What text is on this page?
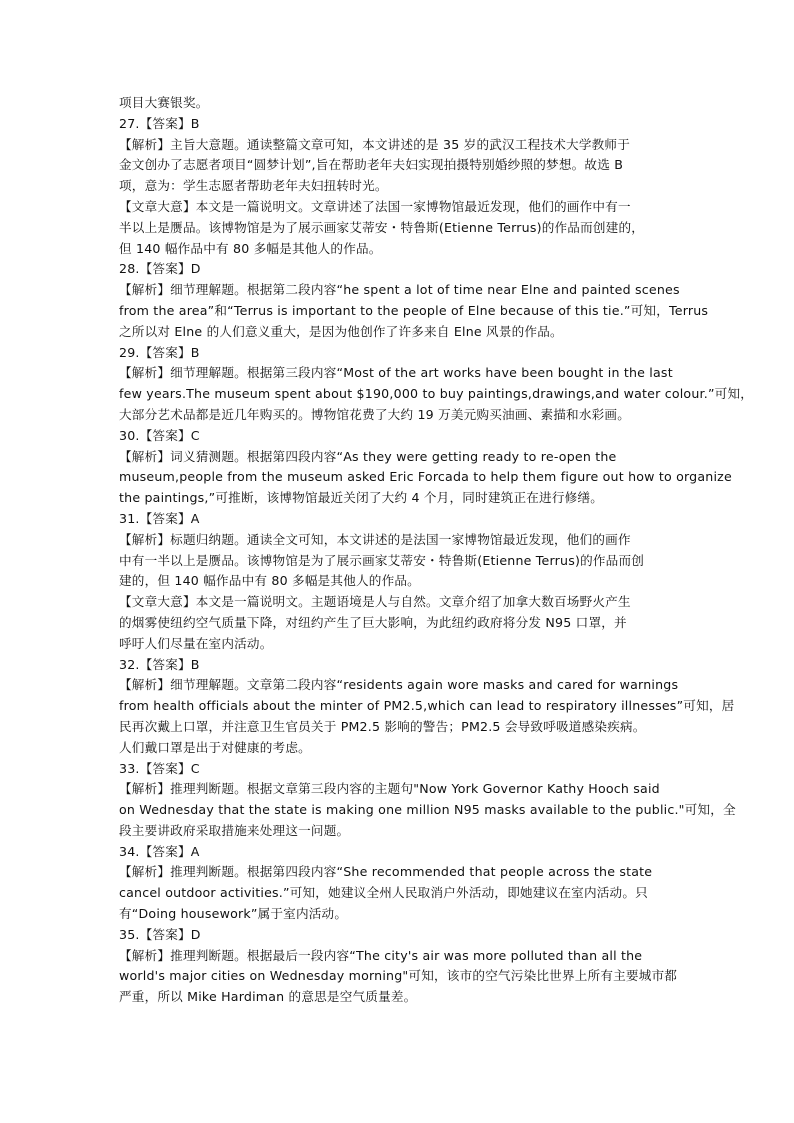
项目大赛银奖。
27.【答案】B
【解析】主旨大意题。通读整篇文章可知，本文讲述的是 35 岁的武汉工程技术大学教师于
金文创办了志愿者项目“圆梦计划”,旨在帮助老年夫妇实现拍摄特别婚纱照的梦想。故选 B
项，意为：学生志愿者帮助老年夫妇扭转时光。
【文章大意】本文是一篇说明文。文章讲述了法国一家博物馆最近发现，他们的画作中有一
半以上是赝品。该博物馆是为了展示画家艾蒂安・特鲁斯(Etienne Terrus)的作品而创建的，
但 140 幅作品中有 80 多幅是其他人的作品。
28.【答案】D
【解析】细节理解题。根据第二段内容“he spent a lot of time near Elne and painted scenes
from the area”和“Terrus is important to the people of Elne because of this tie.”可知，Terrus
之所以对 Elne 的人们意义重大，是因为他创作了许多来自 Elne 风景的作品。
29.【答案】B
【解析】细节理解题。根据第三段内容“Most of the art works have been bought in the last
few years.The museum spent about $190,000 to buy paintings,drawings,and water colour.”可知，
大部分艺术品都是近几年购买的。博物馆花费了大约 19 万美元购买油画、素描和水彩画。
30.【答案】C
【解析】词义猜测题。根据第四段内容“As they were getting ready to re-open the
museum,people from the museum asked Eric Forcada to help them figure out how to organize
the paintings,”可推断，该博物馆最近关闭了大约 4 个月，同时建筑正在进行修缮。
31.【答案】A
【解析】标题归纳题。通读全文可知，本文讲述的是法国一家博物馆最近发现，他们的画作
中有一半以上是赝品。该博物馆是为了展示画家艾蒂安・特鲁斯(Etienne Terrus)的作品而创
建的，但 140 幅作品中有 80 多幅是其他人的作品。
【文章大意】本文是一篇说明文。主题语境是人与自然。文章介绍了加拿大数百场野火产生
的烟雾使纽约空气质量下降，对纽约产生了巨大影响，为此纽约政府将分发 N95 口罩，并
呼吁人们尽量在室内活动。
32.【答案】B
【解析】细节理解题。文章第二段内容“residents again wore masks and cared for warnings
from health officials about the minter of PM2.5,which can lead to respiratory illnesses”可知，居
民再次戴上口罩，并注意卫生官员关于 PM2.5 影响的警告；PM2.5 会导致呼吸道感染疾病。
人们戴口罩是出于对健康的考虑。
33.【答案】C
【解析】推理判断题。根据文章第三段内容的主题句"Now York Governor Kathy Hooch said
on Wednesday that the state is making one million N95 masks available to the public."可知，全
段主要讲政府采取措施来处理这一问题。
34.【答案】A
【解析】推理判断题。根据第四段内容“She recommended that people across the state
cancel outdoor activities.”可知，她建议全州人民取消户外活动，即她建议在室内活动。只
有“Doing housework”属于室内活动。
35.【答案】D
【解析】推理判断题。根据最后一段内容“The city's air was more polluted than all the
world's major cities on Wednesday morning"可知，该市的空气污染比世界上所有主要城市都
严重，所以 Mike Hardiman 的意思是空气质量差。
